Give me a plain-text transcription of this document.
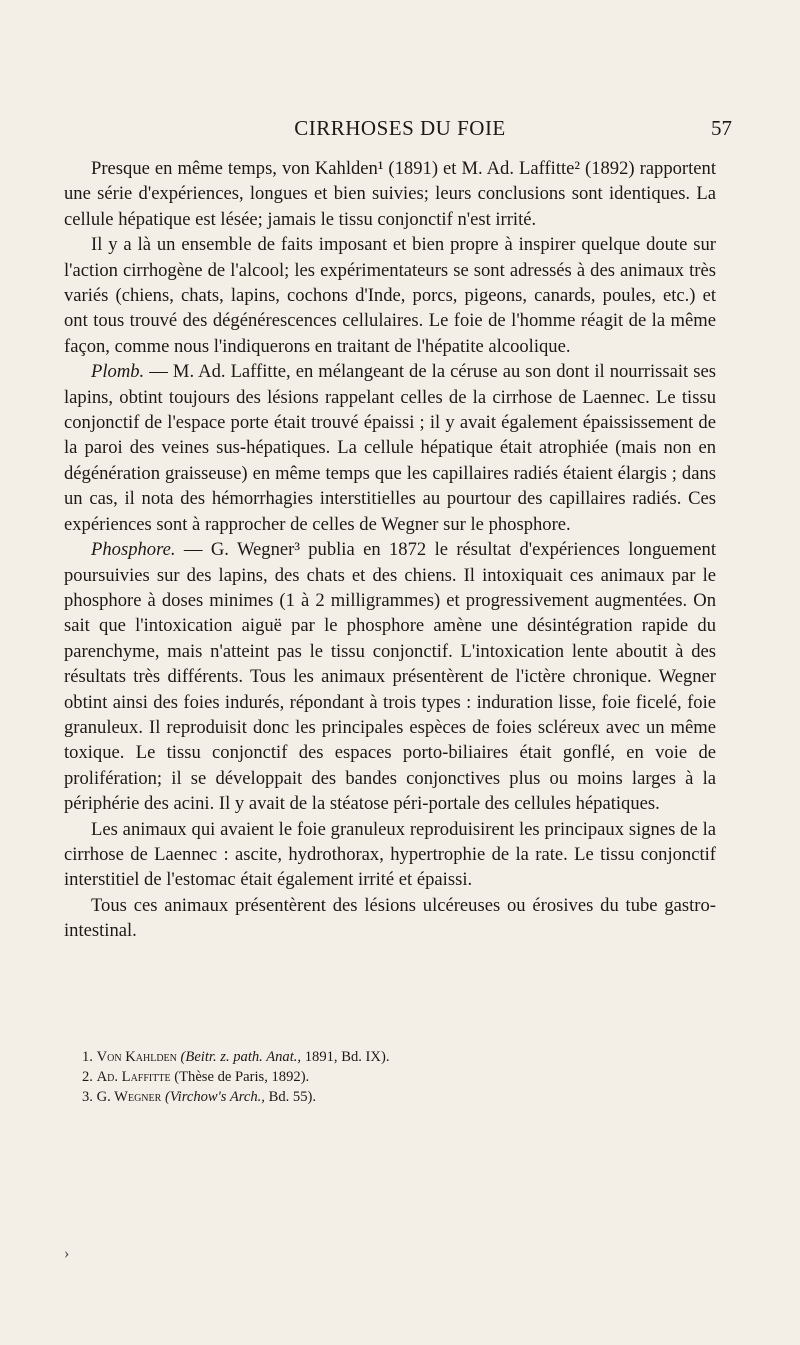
CIRRHOSES DU FOIE	57

Presque en même temps, von Kahlden¹ (1891) et M. Ad. Laffitte² (1892) rapportent une série d'expériences, longues et bien suivies; leurs conclusions sont identiques. La cellule hépatique est lésée; jamais le tissu conjonctif n'est irrité.

Il y a là un ensemble de faits imposant et bien propre à inspirer quelque doute sur l'action cirrhogène de l'alcool; les expérimentateurs se sont adressés à des animaux très variés (chiens, chats, lapins, cochons d'Inde, porcs, pigeons, canards, poules, etc.) et ont tous trouvé des dégénérescences cellulaires. Le foie de l'homme réagit de la même façon, comme nous l'indiquerons en traitant de l'hépatite alcoolique.

Plomb. — M. Ad. Laffitte, en mélangeant de la céruse au son dont il nourrissait ses lapins, obtint toujours des lésions rappelant celles de la cirrhose de Laennec. Le tissu conjonctif de l'espace porte était trouvé épaissi ; il y avait également épaississement de la paroi des veines sus-hépatiques. La cellule hépatique était atrophiée (mais non en dégénération graisseuse) en même temps que les capillaires radiés étaient élargis ; dans un cas, il nota des hémorrhagies interstitielles au pourtour des capillaires radiés. Ces expériences sont à rapprocher de celles de Wegner sur le phosphore.

Phosphore. — G. Wegner³ publia en 1872 le résultat d'expériences longuement poursuivies sur des lapins, des chats et des chiens. Il intoxiquait ces animaux par le phosphore à doses minimes (1 à 2 milligrammes) et progressivement augmentées. On sait que l'intoxication aiguë par le phosphore amène une désintégration rapide du parenchyme, mais n'atteint pas le tissu conjonctif. L'intoxication lente aboutit à des résultats très différents. Tous les animaux présentèrent de l'ictère chronique. Wegner obtint ainsi des foies indurés, répondant à trois types : induration lisse, foie ficelé, foie granuleux. Il reproduisit donc les principales espèces de foies scléreux avec un même toxique. Le tissu conjonctif des espaces porto-biliaires était gonflé, en voie de prolifération; il se développait des bandes conjonctives plus ou moins larges à la périphérie des acini. Il y avait de la stéatose péri-portale des cellules hépatiques.

Les animaux qui avaient le foie granuleux reproduisirent les principaux signes de la cirrhose de Laennec : ascite, hydrothorax, hypertrophie de la rate. Le tissu conjonctif interstitiel de l'estomac était également irrité et épaissi.

Tous ces animaux présentèrent des lésions ulcéreuses ou érosives du tube gastro-intestinal.

1. Von Kahlden (Beitr. z. path. Anat., 1891, Bd. IX).

2. Ad. Laffitte (Thèse de Paris, 1892).

3. G. Wegner (Virchow's Arch., Bd. 55).

›
